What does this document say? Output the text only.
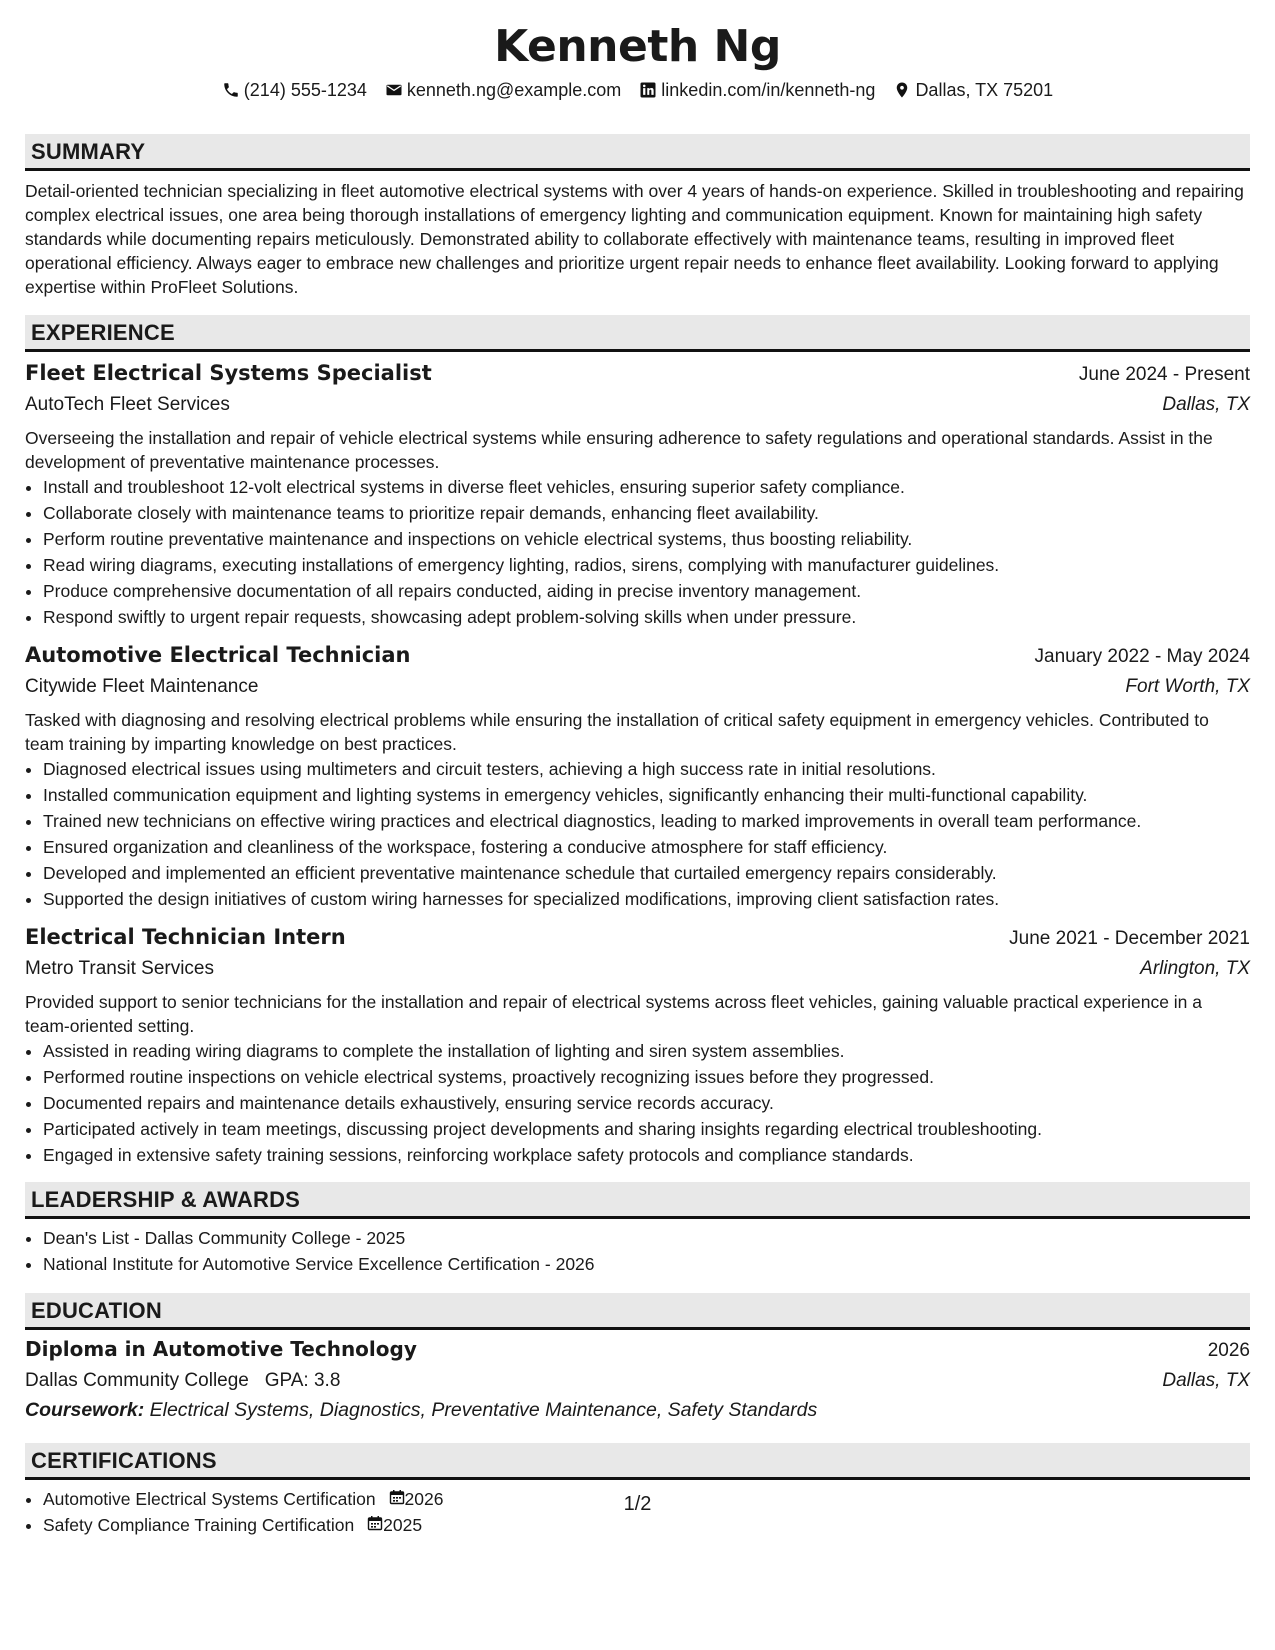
Kenneth Ng
(214) 555-1234 kenneth.ng@example.com linkedin.com/in/kenneth-ng Dallas, TX 75201
SUMMARY

Detail-oriented technician specializing in fleet automotive electrical systems with over 4 years of hands-on experience. Skilled in troubleshooting and repairing complex electrical issues, one area being thorough installations of emergency lighting and communication equipment. Known for maintaining high safety standards while documenting repairs meticulously. Demonstrated ability to collaborate effectively with maintenance teams, resulting in improved fleet operational efficiency. Always eager to embrace new challenges and prioritize urgent repair needs to enhance fleet availability. Looking forward to applying expertise within ProFleet Solutions.

EXPERIENCE
Fleet Electrical Systems Specialist	June 2024 - Present
AutoTech Fleet Services	Dallas, TX
Overseeing the installation and repair of vehicle electrical systems while ensuring adherence to safety regulations and operational standards. Assist in the development of preventative maintenance processes.
• Install and troubleshoot 12-volt electrical systems in diverse fleet vehicles, ensuring superior safety compliance.
• Collaborate closely with maintenance teams to prioritize repair demands, enhancing fleet availability.
• Perform routine preventative maintenance and inspections on vehicle electrical systems, thus boosting reliability.
• Read wiring diagrams, executing installations of emergency lighting, radios, sirens, complying with manufacturer guidelines.
• Produce comprehensive documentation of all repairs conducted, aiding in precise inventory management.
• Respond swiftly to urgent repair requests, showcasing adept problem-solving skills when under pressure.
Automotive Electrical Technician	January 2022 - May 2024
Citywide Fleet Maintenance	Fort Worth, TX
Tasked with diagnosing and resolving electrical problems while ensuring the installation of critical safety equipment in emergency vehicles. Contributed to team training by imparting knowledge on best practices.
• Diagnosed electrical issues using multimeters and circuit testers, achieving a high success rate in initial resolutions.
• Installed communication equipment and lighting systems in emergency vehicles, significantly enhancing their multi-functional capability.
• Trained new technicians on effective wiring practices and electrical diagnostics, leading to marked improvements in overall team performance.
• Ensured organization and cleanliness of the workspace, fostering a conducive atmosphere for staff efficiency.
• Developed and implemented an efficient preventative maintenance schedule that curtailed emergency repairs considerably.
• Supported the design initiatives of custom wiring harnesses for specialized modifications, improving client satisfaction rates.
Electrical Technician Intern	June 2021 - December 2021
Metro Transit Services	Arlington, TX
Provided support to senior technicians for the installation and repair of electrical systems across fleet vehicles, gaining valuable practical experience in a team-oriented setting.
• Assisted in reading wiring diagrams to complete the installation of lighting and siren system assemblies.
• Performed routine inspections on vehicle electrical systems, proactively recognizing issues before they progressed.
• Documented repairs and maintenance details exhaustively, ensuring service records accuracy.
• Participated actively in team meetings, discussing project developments and sharing insights regarding electrical troubleshooting.
• Engaged in extensive safety training sessions, reinforcing workplace safety protocols and compliance standards.
LEADERSHIP & AWARDS
• Dean's List - Dallas Community College - 2025
• National Institute for Automotive Service Excellence Certification - 2026
EDUCATION
Diploma in Automotive Technology	2026
Dallas Community College GPA: 3.8	Dallas, TX
Coursework: Electrical Systems, Diagnostics, Preventative Maintenance, Safety Standards
CERTIFICATIONS
• Automotive Electrical Systems Certification 2026
• Safety Compliance Training Certification 2025
1/2
